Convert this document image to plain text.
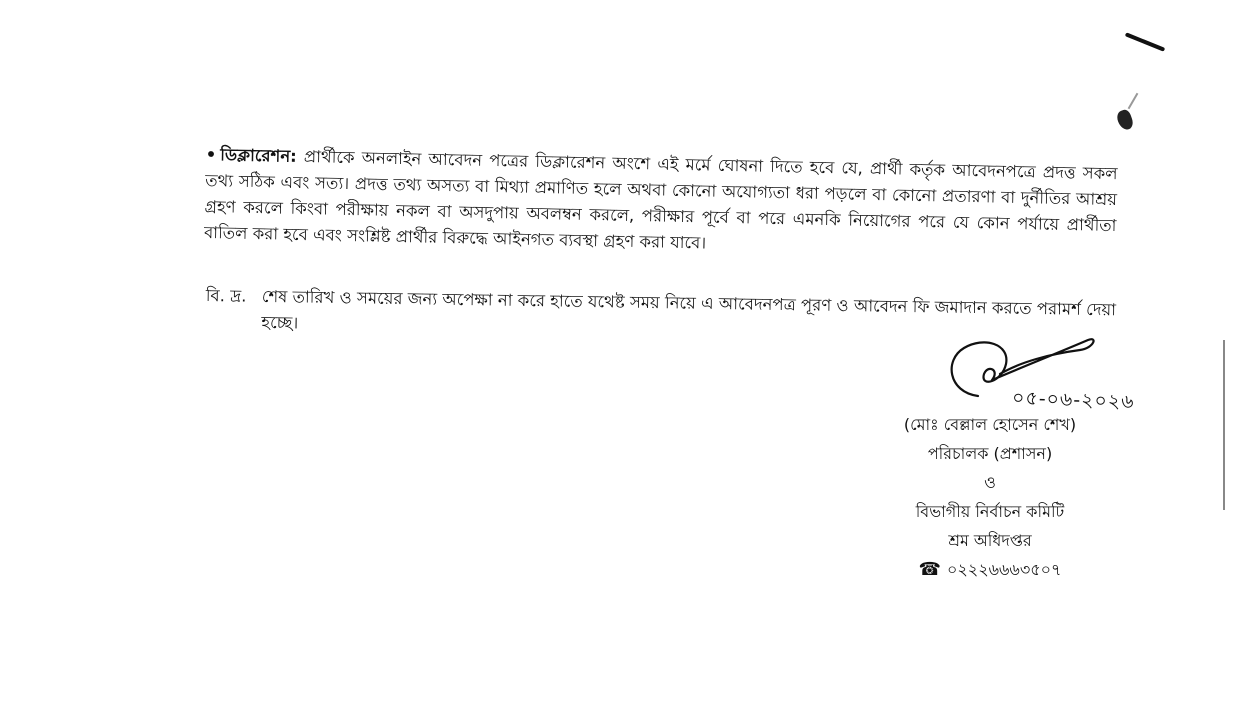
• ডিক্লারেশন: প্রার্থীকে অনলাইন আবেদন পত্রের ডিক্লারেশন অংশে এই মর্মে ঘোষনা দিতে হবে যে, প্রার্থী কর্তৃক আবেদনপত্রে প্রদত্ত সকল তথ্য সঠিক এবং সত্য। প্রদত্ত তথ্য অসত্য বা মিথ্যা প্রমাণিত হলে অথবা কোনো অযোগ্যতা ধরা পড়লে বা কোনো প্রতারণা বা দুর্নীতির আশ্রয় গ্রহণ করলে কিংবা পরীক্ষায় নকল বা অসদুপায় অবলম্বন করলে, পরীক্ষার পূর্বে বা পরে এমনকি নিয়োগের পরে যে কোন পর্যায়ে প্রার্থীতা বাতিল করা হবে এবং সংশ্লিষ্ট প্রার্থীর বিরুদ্ধে আইনগত ব্যবস্থা গ্রহণ করা যাবে।
বি. দ্র. শেষ তারিখ ও সময়ের জন্য অপেক্ষা না করে হাতে যথেষ্ট সময় নিয়ে এ আবেদনপত্র পূরণ ও আবেদন ফি জমাদান করতে পরামর্শ দেয়া হচ্ছে।
০৫-০৬-২০২৬
(মোঃ বেল্লাল হোসেন শেখ)
পরিচালক (প্রশাসন)
ও
বিভাগীয় নির্বাচন কমিটি
শ্রম অধিদপ্তর
☎ ০২২২৬৬৬৩৫০৭
